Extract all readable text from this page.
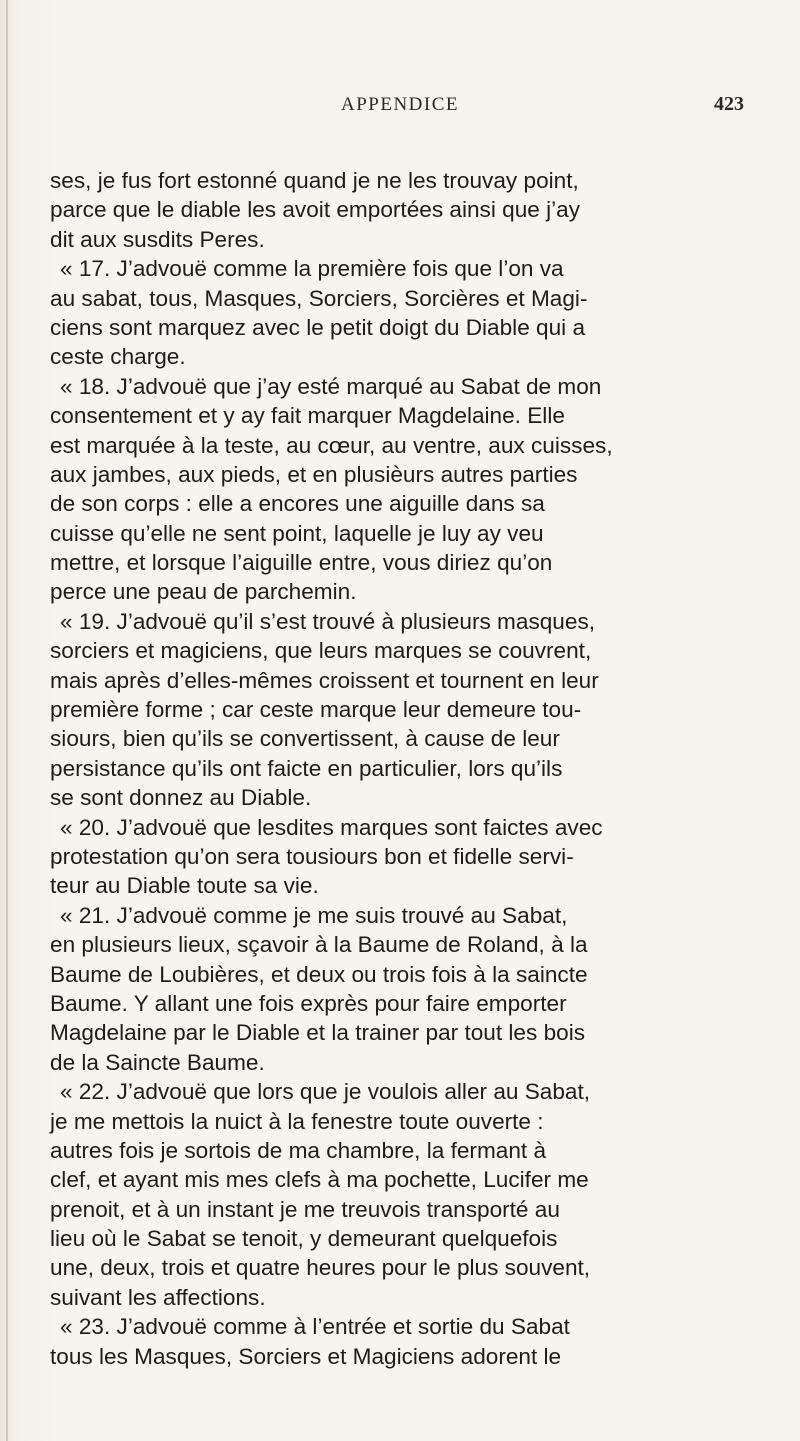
APPENDICE	423
ses, je fus fort estonné quand je ne les trouvay point,
parce que le diable les avoit emportées ainsi que j’ay
dit aux susdits Peres.
« 17. J’advouë comme la première fois que l’on va
au sabat, tous, Masques, Sorciers, Sorcières et Magi-
ciens sont marquez avec le petit doigt du Diable qui a
ceste charge.
« 18. J’advouë que j’ay esté marqué au Sabat de mon
consentement et y ay fait marquer Magdelaine. Elle
est marquée à la teste, au cœur, au ventre, aux cuisses,
aux jambes, aux pieds, et en plusièurs autres parties
de son corps : elle a encores une aiguille dans sa
cuisse qu’elle ne sent point, laquelle je luy ay veu
mettre, et lorsque l’aiguille entre, vous diriez qu’on
perce une peau de parchemin.
« 19. J’advouë qu’il s’est trouvé à plusieurs masques,
sorciers et magiciens, que leurs marques se couvrent,
mais après d’elles-mêmes croissent et tournent en leur
première forme ; car ceste marque leur demeure tou-
siours, bien qu’ils se convertissent, à cause de leur
persistance qu’ils ont faicte en particulier, lors qu’ils
se sont donnez au Diable.
« 20. J’advouë que lesdites marques sont faictes avec
protestation qu’on sera tousiours bon et fidelle servi-
teur au Diable toute sa vie.
« 21. J’advouë comme je me suis trouvé au Sabat,
en plusieurs lieux, sçavoir à la Baume de Roland, à la
Baume de Loubières, et deux ou trois fois à la saincte
Baume. Y allant une fois exprès pour faire emporter
Magdelaine par le Diable et la trainer par tout les bois
de la Saincte Baume.
« 22. J’advouë que lors que je voulois aller au Sabat,
je me mettois la nuict à la fenestre toute ouverte :
autres fois je sortois de ma chambre, la fermant à
clef, et ayant mis mes clefs à ma pochette, Lucifer me
prenoit, et à un instant je me treuvois transporté au
lieu où le Sabat se tenoit, y demeurant quelquefois
une, deux, trois et quatre heures pour le plus souvent,
suivant les affections.
« 23. J’advouë comme à l’entrée et sortie du Sabat
tous les Masques, Sorciers et Magiciens adorent le
